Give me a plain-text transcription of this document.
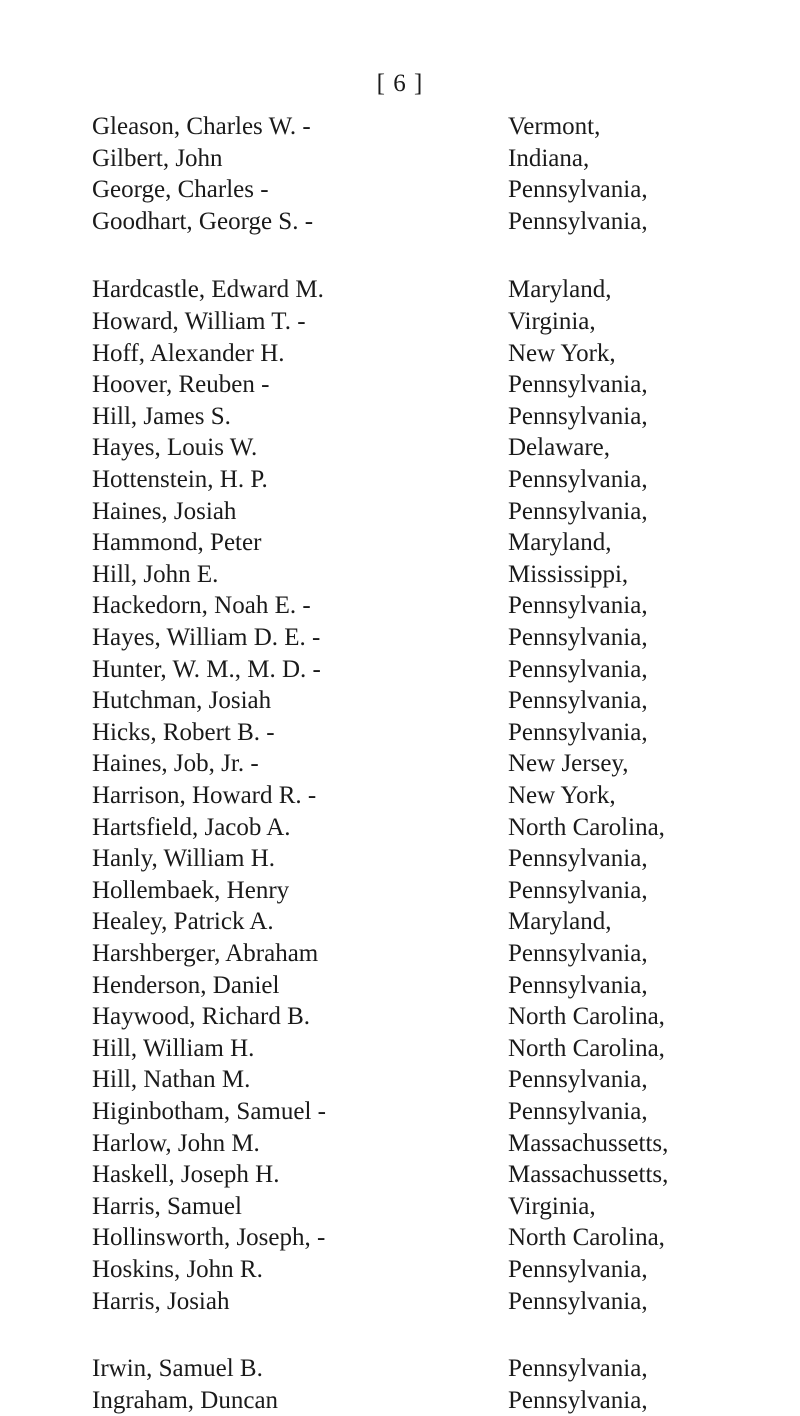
[ 6 ]
Gleason, Charles W. -	Vermont,
Gilbert, John	Indiana,
George, Charles -	Pennsylvania,
Goodhart, George S. -	Pennsylvania,
Hardcastle, Edward M.	Maryland,
Howard, William T. -	Virginia,
Hoff, Alexander H.	New York,
Hoover, Reuben -	Pennsylvania,
Hill, James S.	Pennsylvania,
Hayes, Louis W.	Delaware,
Hottenstein, H. P.	Pennsylvania,
Haines, Josiah	Pennsylvania,
Hammond, Peter	Maryland,
Hill, John E.	Mississippi,
Hackedorn, Noah E. -	Pennsylvania,
Hayes, William D. E. -	Pennsylvania,
Hunter, W. M., M. D. -	Pennsylvania,
Hutchman, Josiah	Pennsylvania,
Hicks, Robert B. -	Pennsylvania,
Haines, Job, Jr. -	New Jersey,
Harrison, Howard R. -	New York,
Hartsfield, Jacob A.	North Carolina,
Hanly, William H.	Pennsylvania,
Hollembaek, Henry	Pennsylvania,
Healey, Patrick A.	Maryland,
Harshberger, Abraham	Pennsylvania,
Henderson, Daniel	Pennsylvania,
Haywood, Richard B.	North Carolina,
Hill, William H.	North Carolina,
Hill, Nathan M.	Pennsylvania,
Higinbotham, Samuel -	Pennsylvania,
Harlow, John M.	Massachussetts,
Haskell, Joseph H.	Massachussetts,
Harris, Samuel	Virginia,
Hollinsworth, Joseph, -	North Carolina,
Hoskins, John R.	Pennsylvania,
Harris, Josiah	Pennsylvania,
Irwin, Samuel B.	Pennsylvania,
Ingraham, Duncan	Pennsylvania,
